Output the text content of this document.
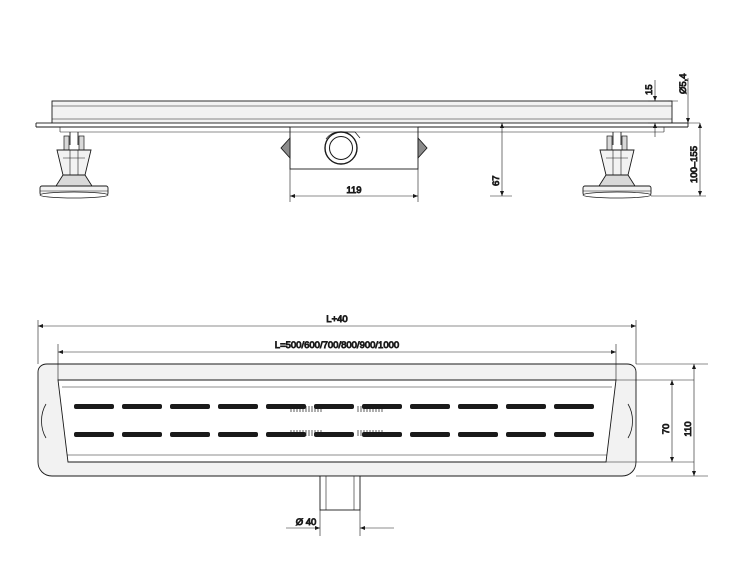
15 Ø5,4
100–155
119
67
L+40
L=500/600/700/800/900/1000
70 110
Ø 40
